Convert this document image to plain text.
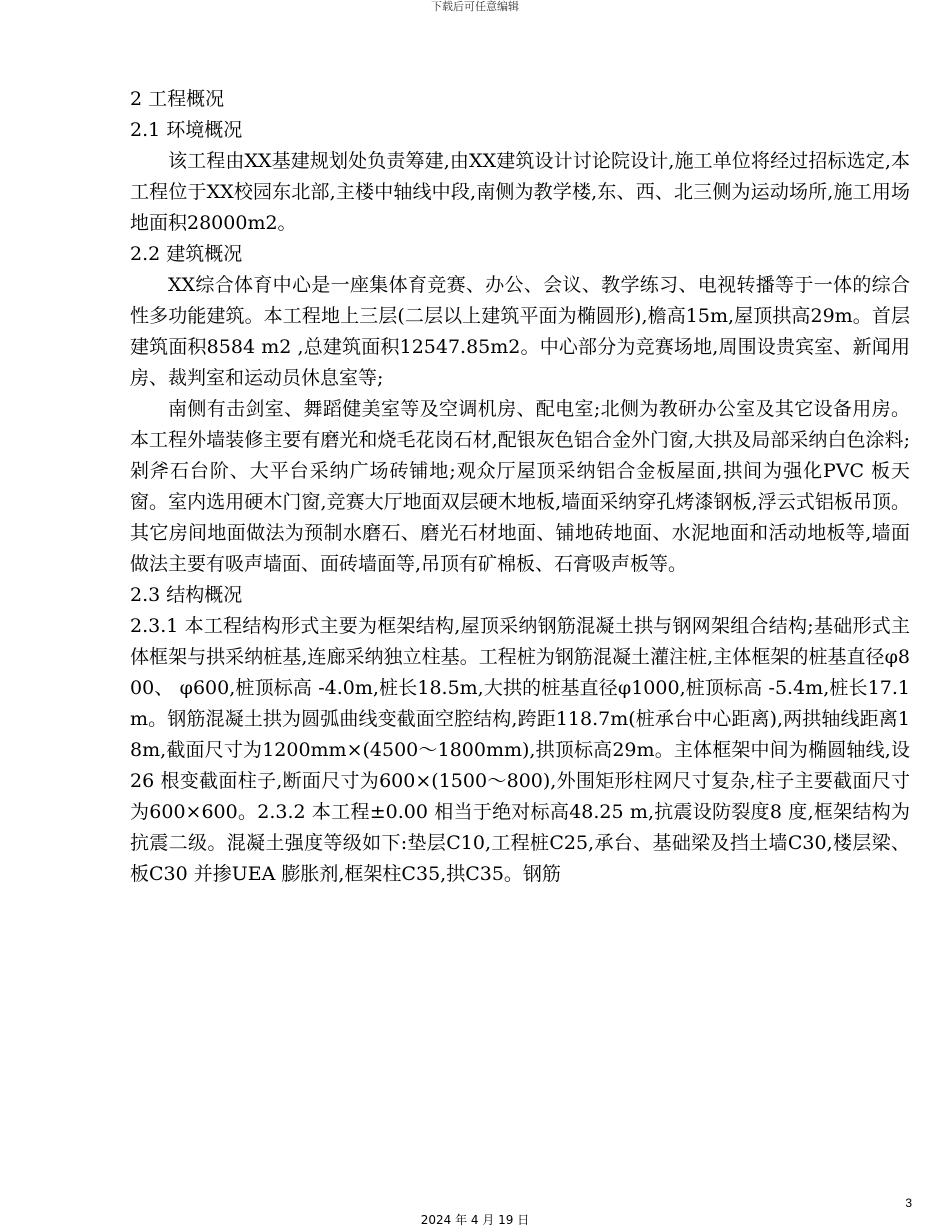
下载后可任意编辑

2 工程概况

2.1 环境概况

该工程由XX基建规划处负责筹建,由XX建筑设计讨论院设计,施工单位将经过招标选定,本工程位于XX校园东北部,主楼中轴线中段,南侧为教学楼,东、西、北三侧为运动场所,施工用场地面积28000m2。

2.2 建筑概况

XX综合体育中心是一座集体育竞赛、办公、会议、教学练习、电视转播等于一体的综合性多功能建筑。本工程地上三层(二层以上建筑平面为椭圆形),檐高15m,屋顶拱高29m。首层建筑面积8584 m2 ,总建筑面积12547.85m2。中心部分为竞赛场地,周围设贵宾室、新闻用房、裁判室和运动员休息室等;

南侧有击剑室、舞蹈健美室等及空调机房、配电室;北侧为教研办公室及其它设备用房。本工程外墙装修主要有磨光和烧毛花岗石材,配银灰色铝合金外门窗,大拱及局部采纳白色涂料;剁斧石台阶、大平台采纳广场砖铺地;观众厅屋顶采纳铝合金板屋面,拱间为强化PVC 板天窗。室内选用硬木门窗,竞赛大厅地面双层硬木地板,墙面采纳穿孔烤漆钢板,浮云式铝板吊顶。其它房间地面做法为预制水磨石、磨光石材地面、铺地砖地面、水泥地面和活动地板等,墙面做法主要有吸声墙面、面砖墙面等,吊顶有矿棉板、石膏吸声板等。

2.3 结构概况

2.3.1 本工程结构形式主要为框架结构,屋顶采纳钢筋混凝土拱与钢网架组合结构;基础形式主体框架与拱采纳桩基,连廊采纳独立柱基。工程桩为钢筋混凝土灌注桩,主体框架的桩基直径φ800、 φ600,桩顶标高 -4.0m,桩长18.5m,大拱的桩基直径φ1000,桩顶标高 -5.4m,桩长17.1m。钢筋混凝土拱为圆弧曲线变截面空腔结构,跨距118.7m(桩承台中心距离),两拱轴线距离18m,截面尺寸为1200mm×(4500～1800mm),拱顶标高29m。主体框架中间为椭圆轴线,设26 根变截面柱子,断面尺寸为600×(1500～800),外围矩形柱网尺寸复杂,柱子主要截面尺寸为600×600。2.3.2 本工程±0.00 相当于绝对标高48.25 m,抗震设防裂度8 度,框架结构为抗震二级。混凝土强度等级如下:垫层C10,工程桩C25,承台、基础梁及挡土墙C30,楼层梁、板C30 并掺UEA 膨胀剂,框架柱C35,拱C35。钢筋

3
2024 年 4 月 19 日
